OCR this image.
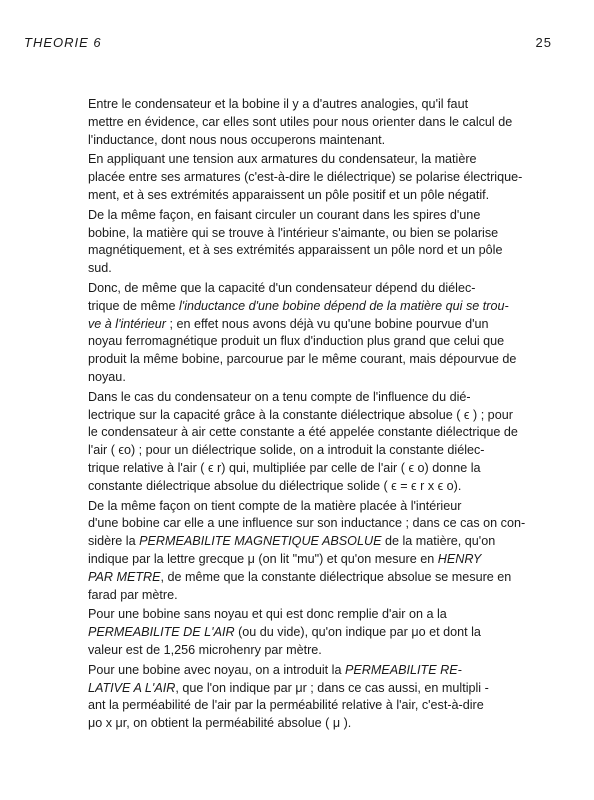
THEORIE 6	25

Entre le condensateur et la bobine il y a d'autres analogies, qu'il faut
mettre en évidence, car elles sont utiles pour nous orienter dans le calcul de
l'inductance, dont nous nous occuperons maintenant.

En appliquant une tension aux armatures du condensateur, la matière
placée entre ses armatures (c'est-à-dire le diélectrique) se polarise électrique-
ment, et à ses extrémités apparaissent un pôle positif et un pôle négatif.

De la même façon, en faisant circuler un courant dans les spires d'une
bobine, la matière qui se trouve à l'intérieur s'aimante, ou bien se polarise
magnétiquement, et à ses extrémités apparaissent un pôle nord et un pôle
sud.

Donc, de même que la capacité d'un condensateur dépend du diélec-
trique de même l'inductance d'une bobine dépend de la matière qui se trou-
ve à l'intérieur ; en effet nous avons déjà vu qu'une bobine pourvue d'un
noyau ferromagnétique produit un flux d'induction plus grand que celui que
produit la même bobine, parcourue par le même courant, mais dépourvue de
noyau.

Dans le cas du condensateur on a tenu compte de l'influence du dié-
lectrique sur la capacité grâce à la constante diélectrique absolue ( ϵ ) ; pour
le condensateur à air cette constante a été appelée constante diélectrique de
l'air ( ϵo) ; pour un diélectrique solide, on a introduit la constante diélec-
trique relative à l'air ( ϵ r) qui, multipliée par celle de l'air ( ϵ o) donne la
constante diélectrique absolue du diélectrique solide ( ϵ = ϵ r x ϵ o).

De la même façon on tient compte de la matière placée à l'intérieur
d'une bobine car elle a une influence sur son inductance ; dans ce cas on con-
sidère la PERMEABILITE MAGNETIQUE ABSOLUE de la matière, qu'on
indique par la lettre grecque μ (on lit "mu") et qu'on mesure en HENRY
PAR METRE, de même que la constante diélectrique absolue se mesure en
farad par mètre.

Pour une bobine sans noyau et qui est donc remplie d'air on a la
PERMEABILITE DE L'AIR (ou du vide), qu'on indique par μo et dont la
valeur est de 1,256 microhenry par mètre.

Pour une bobine avec noyau, on a introduit la PERMEABILITE RE-
LATIVE A L'AIR, que l'on indique par μr ; dans ce cas aussi, en multipli -
ant la perméabilité de l'air par la perméabilité relative à l'air, c'est-à-dire
μo x μr, on obtient la perméabilité absolue ( μ ).
